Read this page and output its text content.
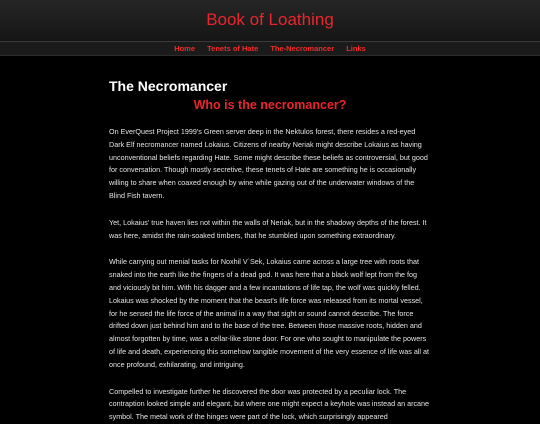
Book of Loathing
Home Tenets of Hate The-Necromancer Links
The Necromancer
Who is the necromancer?

On EverQuest Project 1999's Green server deep in the Nektulos forest, there resides a red-eyed Dark Elf necromancer named Lokaius. Citizens of nearby Neriak might describe Lokaius as having unconventional beliefs regarding Hate. Some might describe these beliefs as controversial, but good for conversation. Though mostly secretive, these tenets of Hate are something he is occasionally willing to share when coaxed enough by wine while gazing out of the underwater windows of the Blind Fish tavern.

Yet, Lokaius' true haven lies not within the walls of Neriak, but in the shadowy depths of the forest. It was here, amidst the rain-soaked timbers, that he stumbled upon something extraordinary.

While carrying out menial tasks for Noxhil V`Sek, Lokaius came across a large tree with roots that snaked into the earth like the fingers of a dead god. It was here that a black wolf lept from the fog and viciously bit him. With his dagger and a few incantations of life tap, the wolf was quickly felled. Lokaius was shocked by the moment that the beast's life force was released from its mortal vessel, for he sensed the life force of the animal in a way that sight or sound cannot describe. The force drifted down just behind him and to the base of the tree. Between those massive roots, hidden and almost forgotten by time, was a cellar-like stone door. For one who sought to manipulate the powers of life and death, experiencing this somehow tangible movement of the very essence of life was all at once profound, exhilarating, and intriguing.

Compelled to investigate further he discovered the door was protected by a peculiar lock. The contraption looked simple and elegant, but where one might expect a keyhole was instead an arcane symbol. The metal work of the hinges were part of the lock, which surprisingly appeared
